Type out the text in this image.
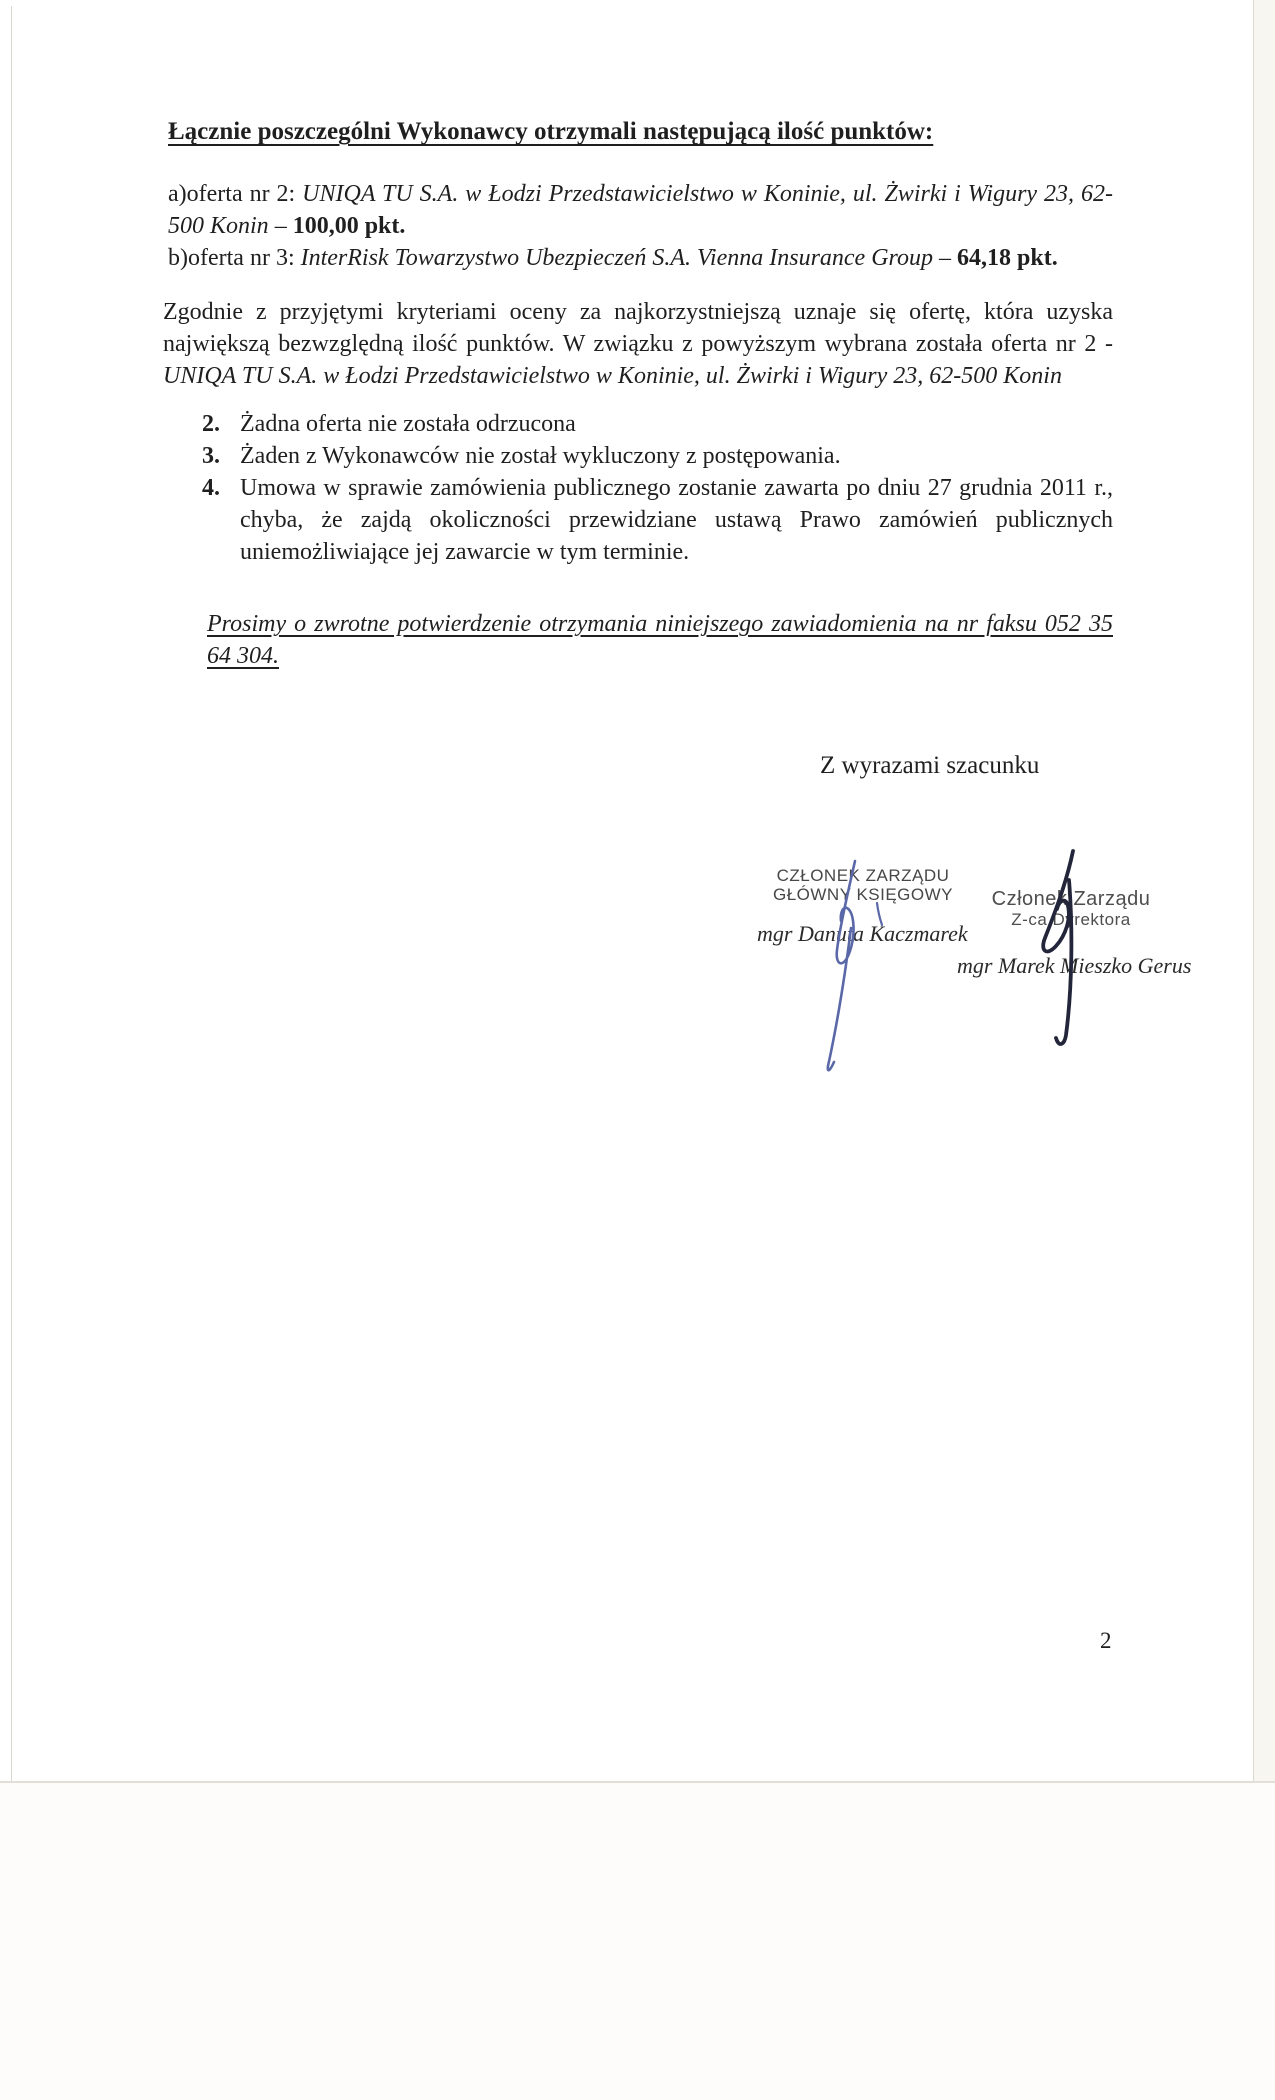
Łącznie poszczególni Wykonawcy otrzymali następującą ilość punktów:

a)oferta nr 2: UNIQA TU S.A. w Łodzi Przedstawicielstwo w Koninie, ul. Żwirki i Wigury 23, 62-500 Konin – 100,00 pkt.
b)oferta nr 3: InterRisk Towarzystwo Ubezpieczeń S.A. Vienna Insurance Group – 64,18 pkt.

Zgodnie z przyjętymi kryteriami oceny za najkorzystniejszą uznaje się ofertę, która uzyska największą bezwzględną ilość punktów. W związku z powyższym wybrana została oferta nr 2 - UNIQA TU S.A. w Łodzi Przedstawicielstwo w Koninie, ul. Żwirki i Wigury 23, 62-500 Konin

2. Żadna oferta nie została odrzucona
3. Żaden z Wykonawców nie został wykluczony z postępowania.
4. Umowa w sprawie zamówienia publicznego zostanie zawarta po dniu 27 grudnia 2011 r., chyba, że zajdą okoliczności przewidziane ustawą Prawo zamówień publicznych uniemożliwiające jej zawarcie w tym terminie.

Prosimy o zwrotne potwierdzenie otrzymania niniejszego zawiadomienia na nr faksu 052 35 64 304.

Z wyrazami szacunku
CZŁONEK ZARZĄDU
GŁÓWNY KSIĘGOWY
mgr Danuta Kaczmarek
Członek Zarządu
Z-ca Dyrektora
mgr Marek Mieszko Gerus
2
